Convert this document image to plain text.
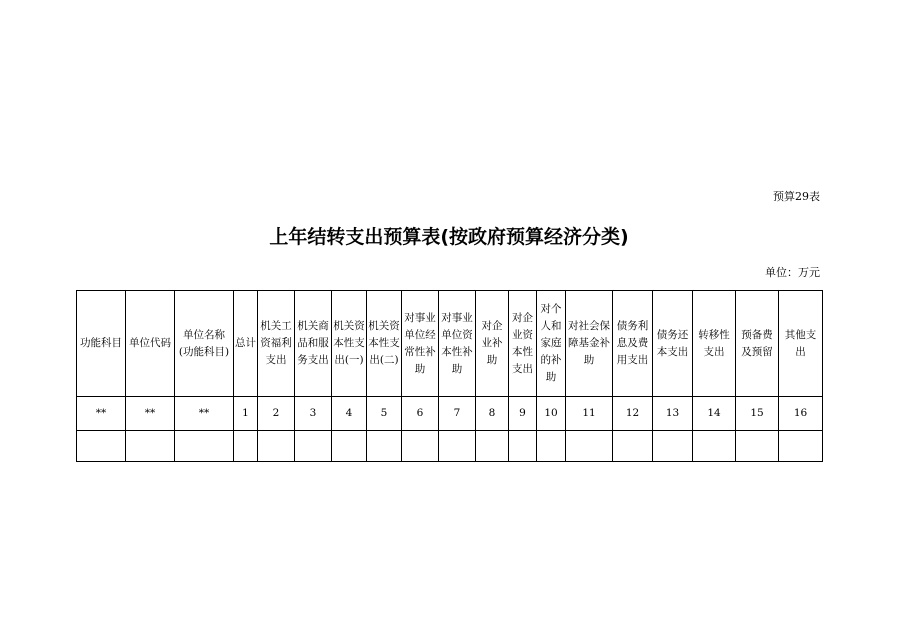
预算29表
上年结转支出预算表(按政府预算经济分类)
单位：万元
功能科目	单位代码	单位名称(功能科目)	总计	机关工资福利支出	机关商品和服务支出	机关资本性支出(一)	机关资本性支出(二)	对事业单位经常性补助	对事业单位资本性补助	对企业补助	对企业资本性支出	对个人和家庭的补助	对社会保障基金补助	债务利息及费用支出	债务还本支出	转移性支出	预备费及预留	其他支出
**	**	**	1	2	3	4	5	6	7	8	9	10	11	12	13	14	15	16
